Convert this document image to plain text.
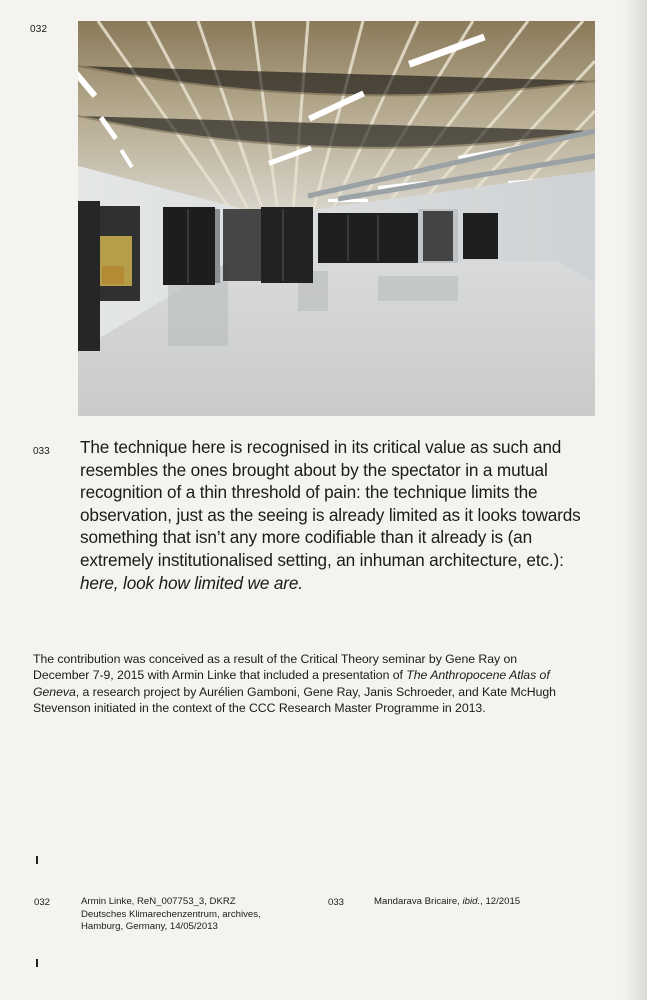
032
033 The technique here is recognised in its critical value as such and resembles the ones brought about by the spectator in a mutual recognition of a thin threshold of pain: the technique limits the observation, just as the seeing is already limited as it looks towards something that isn’t any more codifiable than it already is (an extremely institutionalised setting, an inhuman architecture, etc.): here, look how limited we are.

The contribution was conceived as a result of the Critical Theory seminar by Gene Ray on December 7-9, 2015 with Armin Linke that included a presentation of The Anthropocene Atlas of Geneva, a research project by Aurélien Gamboni, Gene Ray, Janis Schroeder, and Kate McHugh Stevenson initiated in the context of the CCC Research Master Programme in 2013.

032	Armin Linke, ReN_007753_3, DKRZ
Deutsches Klimarechenzentrum, archives,
Hamburg, Germany, 14/05/2013
033	Mandarava Bricaire, ibid., 12/2015
